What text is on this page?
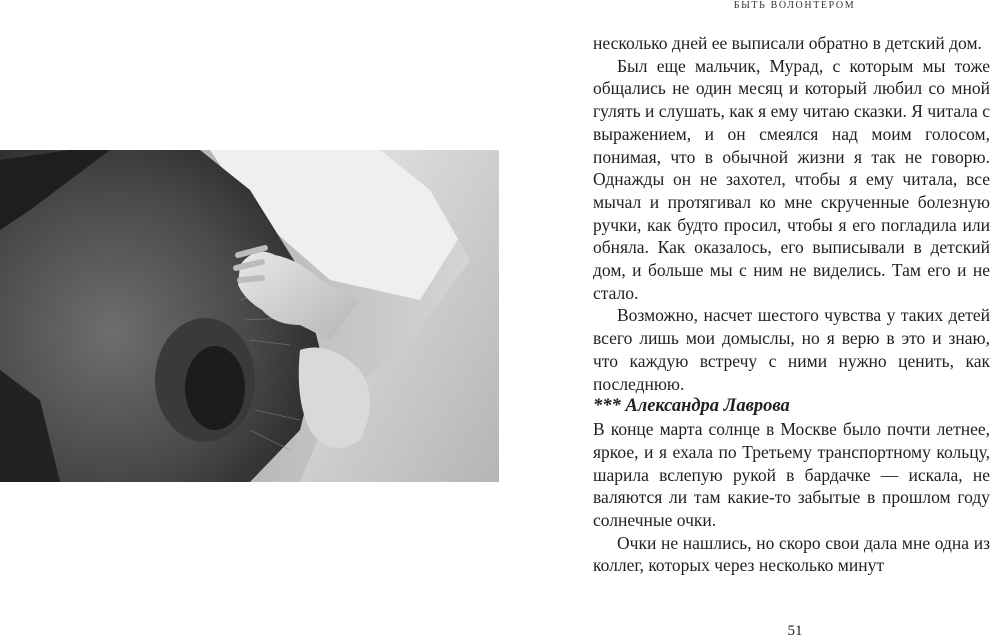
БЫТЬ ВОЛОНТЕРОМ

несколько дней ее выписали обратно в детский дом.

Был еще мальчик, Мурад, с которым мы тоже общались не один месяц и который любил со мной гулять и слушать, как я ему читаю сказки. Я читала с выражением, и он смеялся над моим голосом, понимая, что в обычной жизни я так не говорю. Однажды он не захотел, чтобы я ему читала, все мычал и протягивал ко мне скрученные болезную ручки, как будто просил, чтобы я его погладила или обняла. Как оказалось, его выписывали в детский дом, и больше мы с ним не виделись. Там его и не стало.

Возможно, насчет шестого чувства у таких детей всего лишь мои домыслы, но я верю в это и знаю, что каждую встречу с ними нужно ценить, как последнюю.

*** Александра Лаврова

В конце марта солнце в Москве было почти летнее, яркое, и я ехала по Третьему транспортному кольцу, шарила вслепую рукой в бардачке — искала, не валяются ли там какие-то забытые в прошлом году солнечные очки.

Очки не нашлись, но скоро свои дала мне одна из коллег, которых через несколько минут

51
